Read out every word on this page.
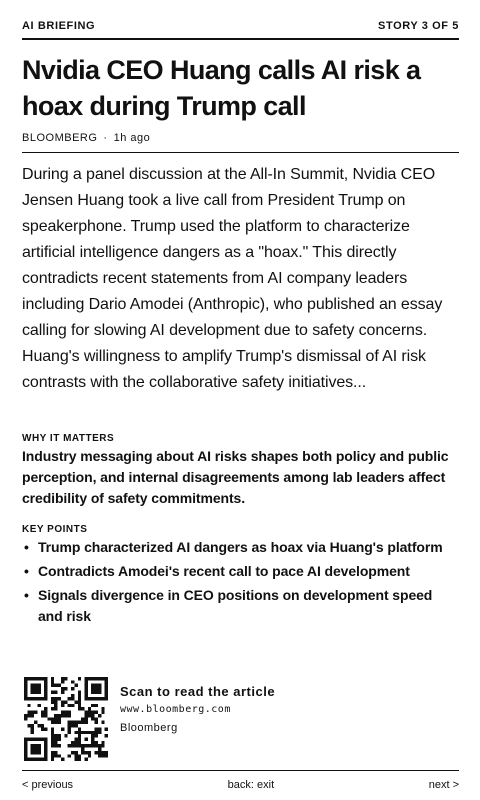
AI BRIEFING	STORY 3 OF 5
Nvidia CEO Huang calls AI risk a hoax during Trump call
BLOOMBERG · 1h ago

During a panel discussion at the All-In Summit, Nvidia CEO Jensen Huang took a live call from President Trump on speakerphone. Trump used the platform to characterize artificial intelligence dangers as a "hoax." This directly contradicts recent statements from AI company leaders including Dario Amodei (Anthropic), who published an essay calling for slowing AI development due to safety concerns. Huang's willingness to amplify Trump's dismissal of AI risk contrasts with the collaborative safety initiatives...

WHY IT MATTERS

Industry messaging about AI risks shapes both policy and public perception, and internal disagreements among lab leaders affect credibility of safety commitments.

KEY POINTS
• Trump characterized AI dangers as hoax via Huang's platform
• Contradicts Amodei's recent call to pace AI development
• Signals divergence in CEO positions on development speed and risk
Scan to read the article
www.bloomberg.com
Bloomberg
< previous	back: exit	next >
